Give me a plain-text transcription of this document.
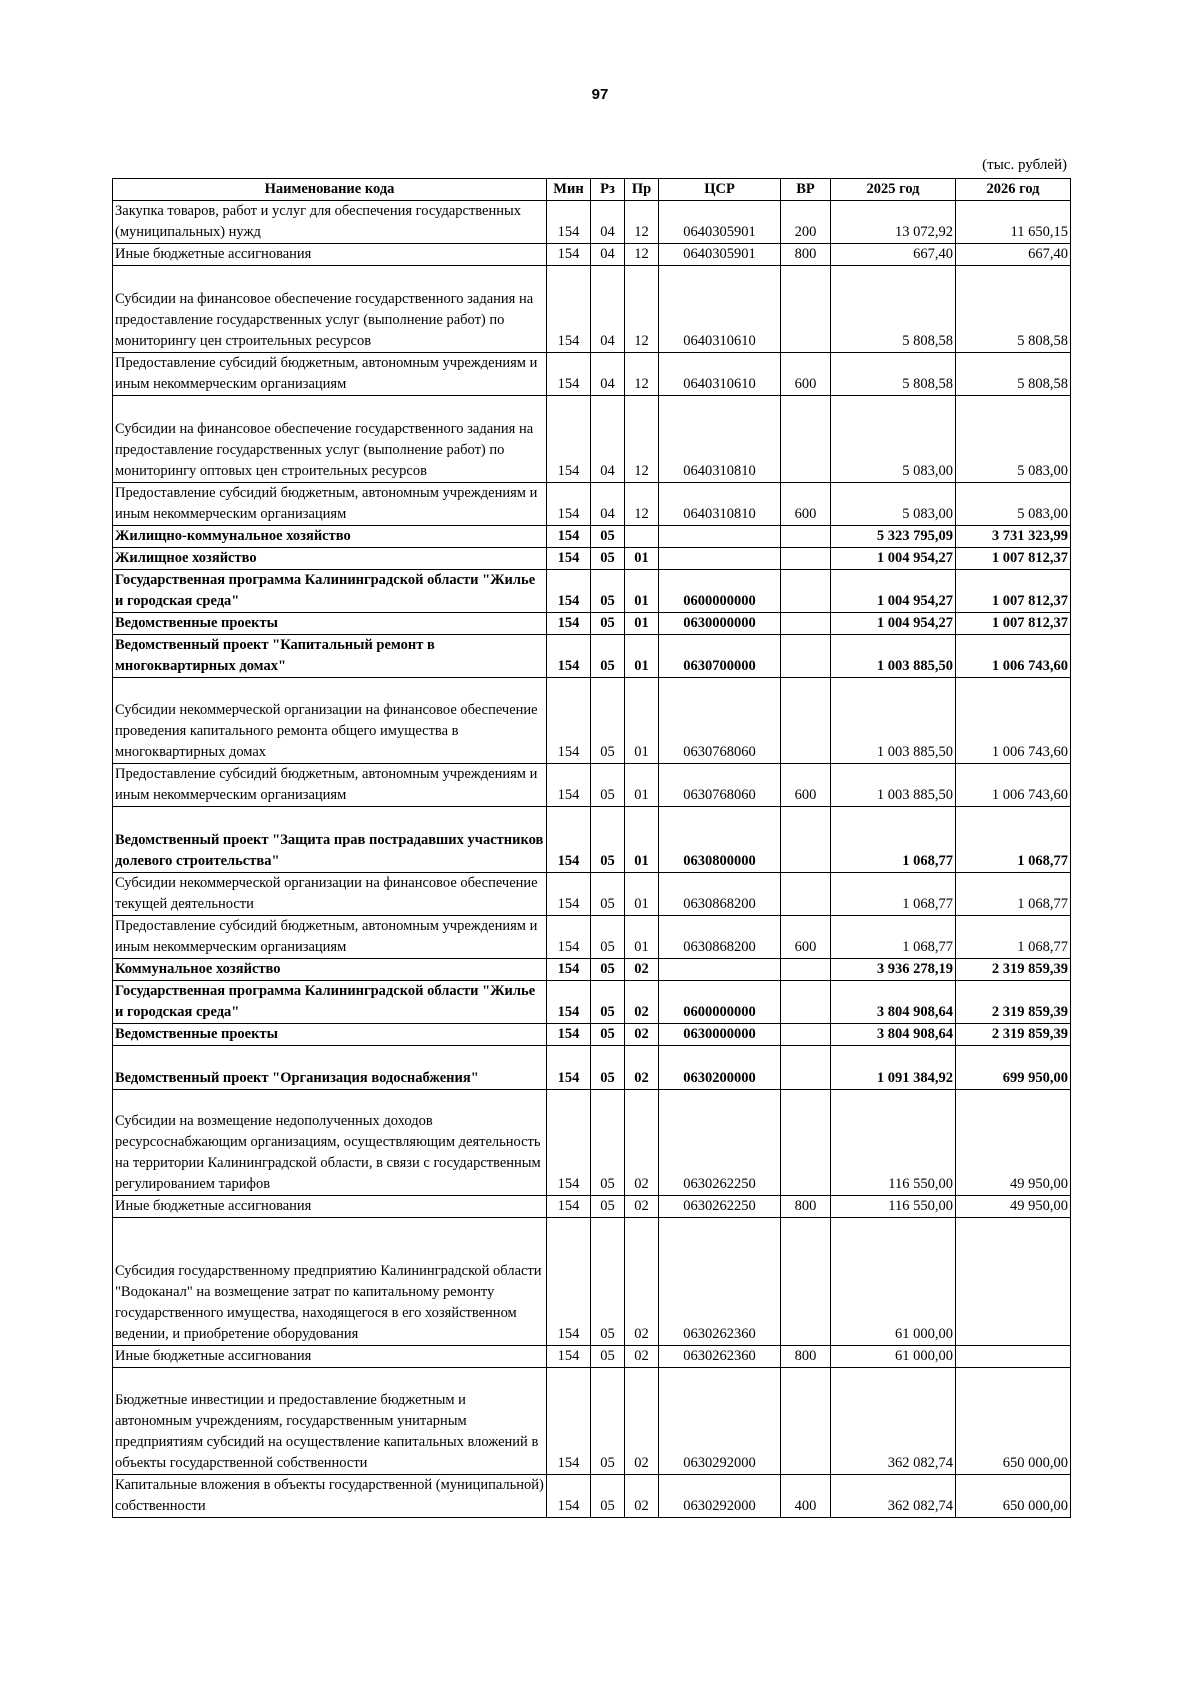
97
(тыс. рублей)
Наименование кода	Мин	Рз	Пр	ЦСР	ВР	2025 год	2026 год
Закупка товаров, работ и услуг для обеспечения государственных (муниципальных) нужд	154	04	12	0640305901	200	13 072,92	11 650,15
Иные бюджетные ассигнования	154	04	12	0640305901	800	667,40	667,40
Субсидии на финансовое обеспечение государственного задания на предоставление государственных услуг (выполнение работ) по мониторингу цен строительных ресурсов	154	04	12	0640310610		5 808,58	5 808,58
Предоставление субсидий бюджетным, автономным учреждениям и иным некоммерческим организациям	154	04	12	0640310610	600	5 808,58	5 808,58
Субсидии на финансовое обеспечение государственного задания на предоставление государственных услуг (выполнение работ) по мониторингу оптовых цен строительных ресурсов	154	04	12	0640310810		5 083,00	5 083,00
Предоставление субсидий бюджетным, автономным учреждениям и иным некоммерческим организациям	154	04	12	0640310810	600	5 083,00	5 083,00
Жилищно-коммунальное хозяйство	154	05				5 323 795,09	3 731 323,99
Жилищное хозяйство	154	05	01			1 004 954,27	1 007 812,37
Государственная программа Калининградской области "Жилье и городская среда"	154	05	01	0600000000		1 004 954,27	1 007 812,37
Ведомственные проекты	154	05	01	0630000000		1 004 954,27	1 007 812,37
Ведомственный проект "Капитальный ремонт в многоквартирных домах"	154	05	01	0630700000		1 003 885,50	1 006 743,60
Субсидии некоммерческой организации на финансовое обеспечение проведения капитального ремонта общего имущества в многоквартирных домах	154	05	01	0630768060		1 003 885,50	1 006 743,60
Предоставление субсидий бюджетным, автономным учреждениям и иным некоммерческим организациям	154	05	01	0630768060	600	1 003 885,50	1 006 743,60
Ведомственный проект "Защита прав пострадавших участников долевого строительства"	154	05	01	0630800000		1 068,77	1 068,77
Субсидии некоммерческой организации на финансовое обеспечение текущей деятельности	154	05	01	0630868200		1 068,77	1 068,77
Предоставление субсидий бюджетным, автономным учреждениям и иным некоммерческим организациям	154	05	01	0630868200	600	1 068,77	1 068,77
Коммунальное хозяйство	154	05	02			3 936 278,19	2 319 859,39
Государственная программа Калининградской области "Жилье и городская среда"	154	05	02	0600000000		3 804 908,64	2 319 859,39
Ведомственные проекты	154	05	02	0630000000		3 804 908,64	2 319 859,39
Ведомственный проект "Организация водоснабжения"	154	05	02	0630200000		1 091 384,92	699 950,00
Субсидии на возмещение недополученных доходов ресурсоснабжающим организациям, осуществляющим деятельность на территории Калининградской области, в связи с государственным регулированием тарифов	154	05	02	0630262250		116 550,00	49 950,00
Иные бюджетные ассигнования	154	05	02	0630262250	800	116 550,00	49 950,00
Субсидия государственному предприятию Калининградской области "Водоканал" на возмещение затрат по капитальному ремонту государственного имущества, находящегося в его хозяйственном ведении, и приобретение оборудования	154	05	02	0630262360		61 000,00	
Иные бюджетные ассигнования	154	05	02	0630262360	800	61 000,00	
Бюджетные инвестиции и предоставление бюджетным и автономным учреждениям, государственным унитарным предприятиям субсидий на осуществление капитальных вложений в объекты государственной собственности	154	05	02	0630292000		362 082,74	650 000,00
Капитальные вложения в объекты государственной (муниципальной) собственности	154	05	02	0630292000	400	362 082,74	650 000,00
